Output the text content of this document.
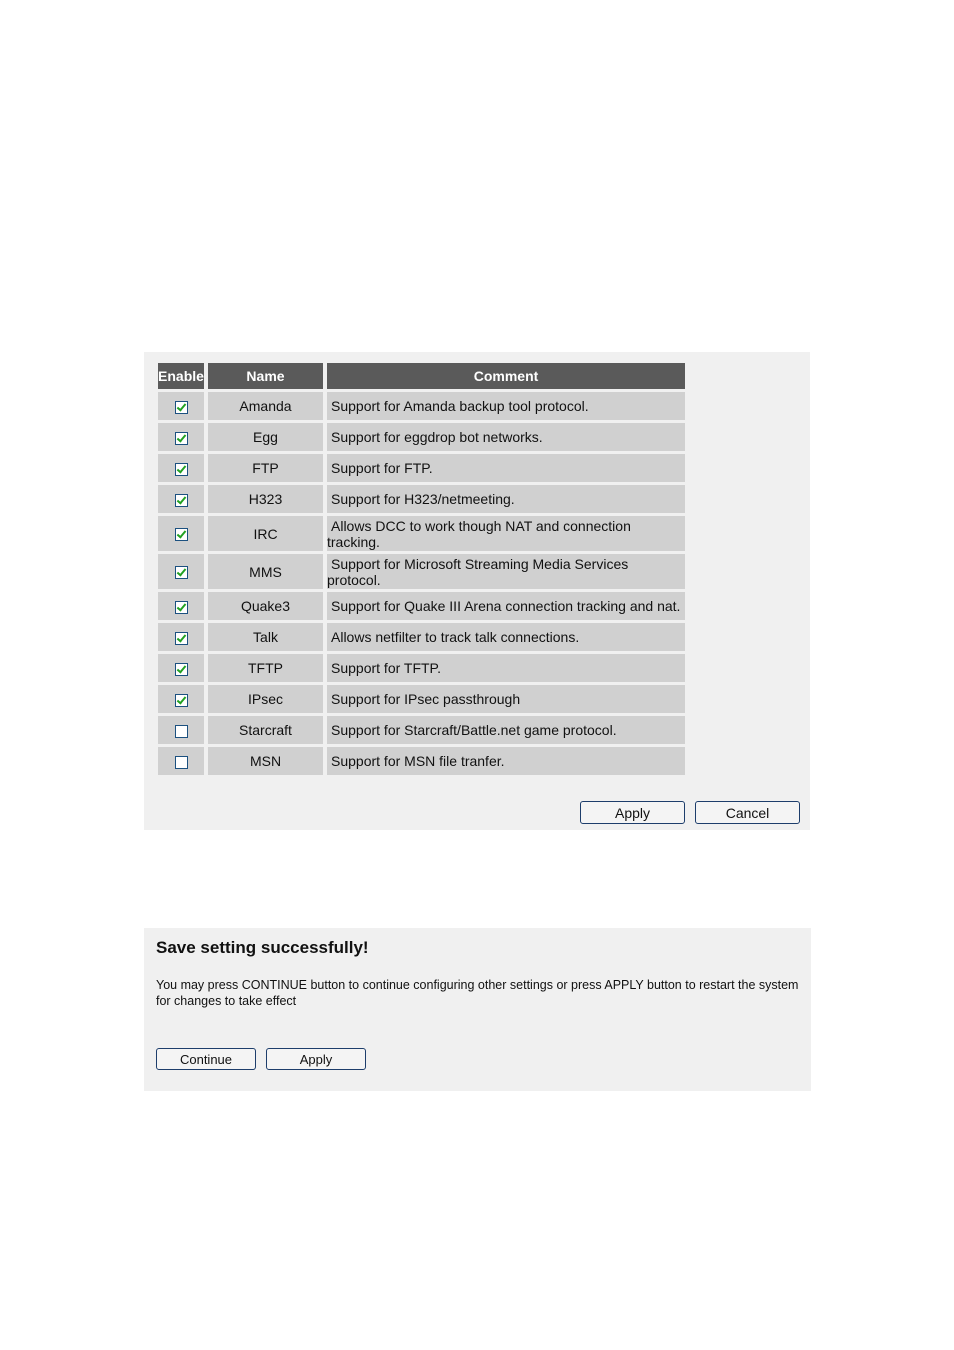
Enable	Name	Comment
	Amanda	Support for Amanda backup tool protocol.
	Egg	Support for eggdrop bot networks.
	FTP	Support for FTP.
	H323	Support for H323/netmeeting.
	IRC	Allows DCC to work though NAT and connection tracking.

	MMS	Support for Microsoft Streaming Media Services protocol.

	Quake3	Support for Quake III Arena connection tracking and nat.
	Talk	Allows netfilter to track talk connections.
	TFTP	Support for TFTP.
	IPsec	Support for IPsec passthrough
	Starcraft	Support for Starcraft/Battle.net game protocol.
	MSN	Support for MSN file tranfer.
Apply	Cancel
Save setting successfully!
You may press CONTINUE button to continue configuring other settings or press APPLY button to restart the system for changes to take effect
Continue	Apply
